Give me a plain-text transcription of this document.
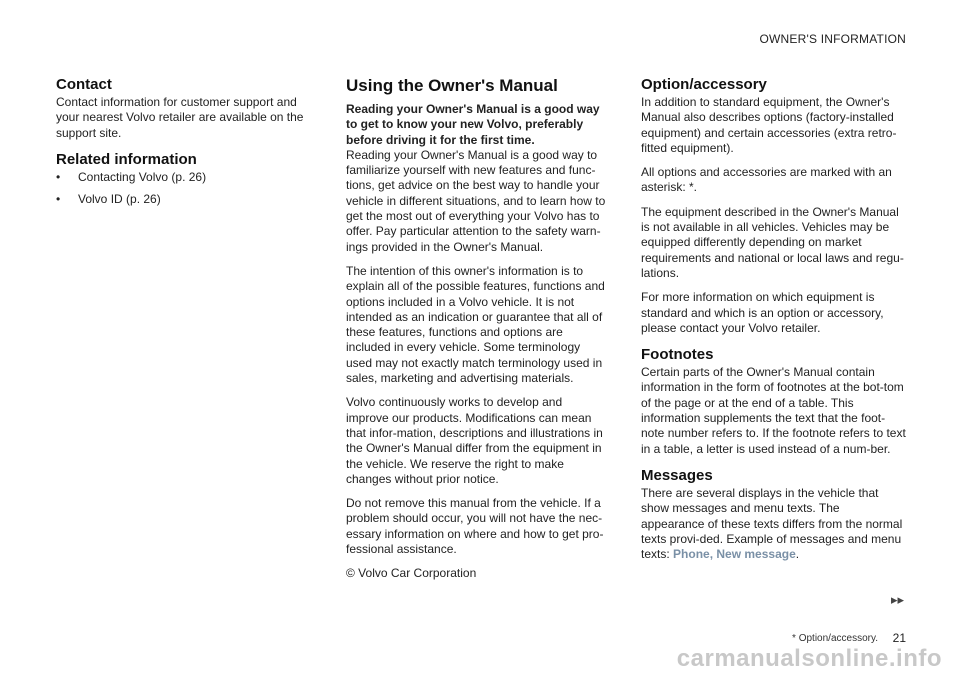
OWNER'S INFORMATION
Contact

Contact information for customer support and your nearest Volvo retailer are available on the support site.

Related information
•	Contacting Volvo (p. 26)
•	Volvo ID (p. 26)
Using the Owner's Manual

Reading your Owner's Manual is a good way to get to know your new Volvo, preferably before driving it for the first time.

Reading your Owner's Manual is a good way to familiarize yourself with new features and func-tions, get advice on the best way to handle your vehicle in different situations, and to learn how to get the most out of everything your Volvo has to offer. Pay particular attention to the safety warn-ings provided in the Owner's Manual.

The intention of this owner's information is to explain all of the possible features, functions and options included in a Volvo vehicle. It is not intended as an indication or guarantee that all of these features, functions and options are included in every vehicle. Some terminology used may not exactly match terminology used in sales, marketing and advertising materials.

Volvo continuously works to develop and improve our products. Modifications can mean that infor-mation, descriptions and illustrations in the Owner's Manual differ from the equipment in the vehicle. We reserve the right to make changes without prior notice.

Do not remove this manual from the vehicle. If a problem should occur, you will not have the nec-essary information on where and how to get pro-fessional assistance.

© Volvo Car Corporation

Option/accessory

In addition to standard equipment, the Owner's Manual also describes options (factory-installed equipment) and certain accessories (extra retro-fitted equipment).

All options and accessories are marked with an asterisk: *.

The equipment described in the Owner's Manual is not available in all vehicles. Vehicles may be equipped differently depending on market requirements and national or local laws and regu-lations.

For more information on which equipment is standard and which is an option or accessory, please contact your Volvo retailer.

Footnotes

Certain parts of the Owner's Manual contain information in the form of footnotes at the bot-tom of the page or at the end of a table. This information supplements the text that the foot-note number refers to. If the footnote refers to text in a table, a letter is used instead of a num-ber.

Messages

There are several displays in the vehicle that show messages and menu texts. The appearance of these texts differs from the normal texts provi-ded. Example of messages and menu texts: Phone, New message.

▸▸
* Option/accessory. 21
carmanualsonline.info
